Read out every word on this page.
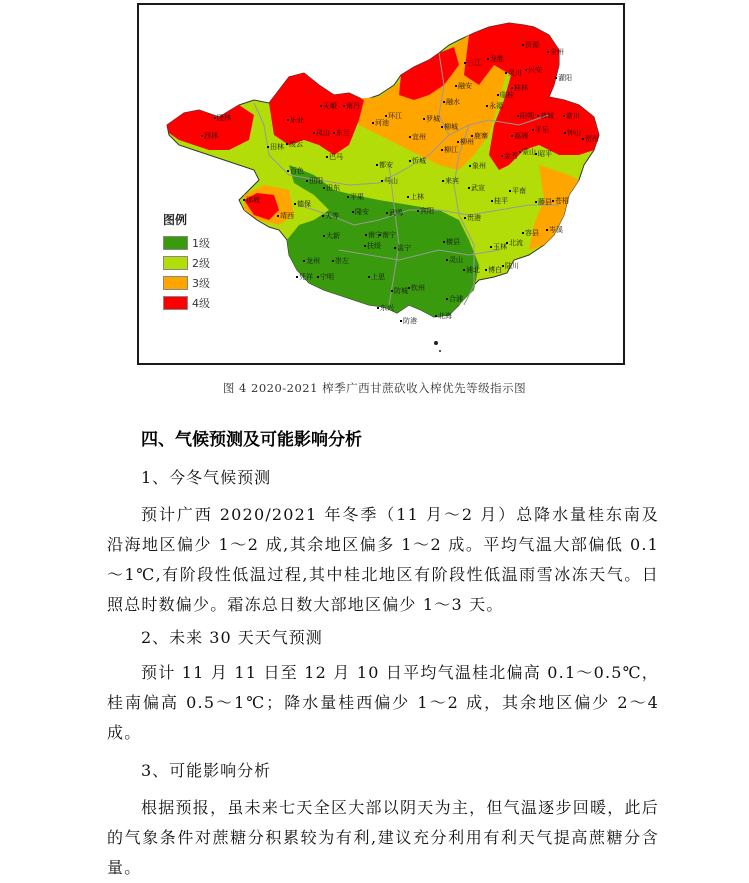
资源
全州
龙胜
三江
灵川 兴安
灌阳
融安
临桂
桂林
融水	永福
天峨	南丹
隆林	乐业	环江	罗城	阳朔 恭城	富川
河池	柳城
西林	凤山 东兰	宜州	鹿寨	荔浦
平乐	钟山
贺州
田林 凌云	柳州
柳江
金秀 蒙山 昭平
巴马
都安	忻城
象州
百色
马山
田阳	来宾
田东	武宣	平南
平果	上林
那坡	德保	桂平	藤县 苍梧
靖西	天等	隆安	武鸣	宾阳
贵港
大新	南宁 南宁	容县	岑溪
扶绥	邕宁
横县
玉林 北流
龙州	崇左	灵山
浦北	博白 陆川
凭祥	宁明	上思
防城 钦州
合浦
东兴
北海
防港
图例
1级
2级
3级
4级
图 4 2020-2021 榨季广西甘蔗砍收入榨优先等级指示图
四、气候预测及可能影响分析
1、今冬气候预测
预计广西 2020/2021 年冬季（11 月～2 月）总降水量桂东南及沿海地区偏少 1～2 成,其余地区偏多 1～2 成。平均气温大部偏低 0.1～1℃,有阶段性低温过程,其中桂北地区有阶段性低温雨雪冰冻天气。日照总时数偏少。霜冻总日数大部地区偏少 1～3 天。
2、未来 30 天天气预测
预计 11 月 11 日至 12 月 10 日平均气温桂北偏高 0.1～0.5℃，桂南偏高 0.5～1℃；降水量桂西偏少 1～2 成，其余地区偏少 2～4 成。
3、可能影响分析
根据预报，虽未来七天全区大部以阴天为主，但气温逐步回暖，此后的气象条件对蔗糖分积累较为有利,建议充分利用有利天气提高蔗糖分含量。
